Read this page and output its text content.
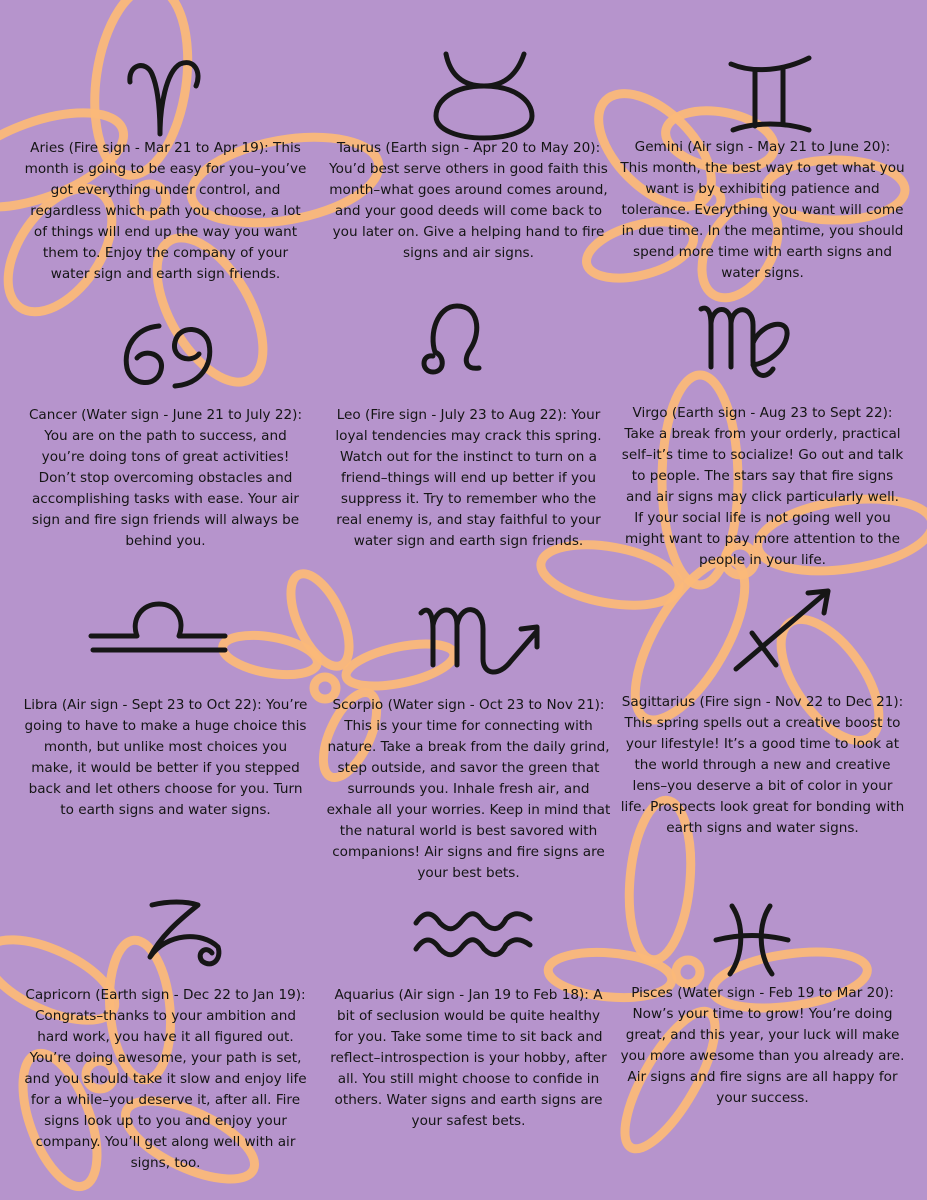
Aries (Fire sign - Mar 21 to Apr 19): This month is going to be easy for you–you’ve got everything under control, and regardless which path you choose, a lot of things will end up the way you want them to. Enjoy the company of your water sign and earth sign friends.
Taurus (Earth sign - Apr 20 to May 20): You’d best serve others in good faith this month–what goes around comes around, and your good deeds will come back to you later on. Give a helping hand to fire signs and air signs.
Gemini (Air sign - May 21 to June 20): This month, the best way to get what you want is by exhibiting patience and tolerance. Everything you want will come in due time. In the meantime, you should spend more time with earth signs and water signs.
Cancer (Water sign - June 21 to July 22): You are on the path to success, and you’re doing tons of great activities! Don’t stop overcoming obstacles and accomplishing tasks with ease. Your air sign and fire sign friends will always be behind you.
Leo (Fire sign - July 23 to Aug 22): Your loyal tendencies may crack this spring. Watch out for the instinct to turn on a friend–things will end up better if you suppress it. Try to remember who the real enemy is, and stay faithful to your water sign and earth sign friends.
Virgo (Earth sign - Aug 23 to Sept 22): Take a break from your orderly, practical self–it’s time to socialize! Go out and talk to people. The stars say that fire signs and air signs may click particularly well. If your social life is not going well you might want to pay more attention to the people in your life.
Libra (Air sign - Sept 23 to Oct 22): You’re going to have to make a huge choice this month, but unlike most choices you make, it would be better if you stepped back and let others choose for you. Turn to earth signs and water signs.
Scorpio (Water sign - Oct 23 to Nov 21): This is your time for connecting with nature. Take a break from the daily grind, step outside, and savor the green that surrounds you. Inhale fresh air, and exhale all your worries. Keep in mind that the natural world is best savored with companions! Air signs and fire signs are your best bets.
Sagittarius (Fire sign - Nov 22 to Dec 21): This spring spells out a creative boost to your lifestyle! It’s a good time to look at the world through a new and creative lens–you deserve a bit of color in your life. Prospects look great for bonding with earth signs and water signs.
Capricorn (Earth sign - Dec 22 to Jan 19): Congrats–thanks to your ambition and hard work, you have it all figured out. You’re doing awesome, your path is set, and you should take it slow and enjoy life for a while–you deserve it, after all. Fire signs look up to you and enjoy your company. You’ll get along well with air signs, too.
Aquarius (Air sign - Jan 19 to Feb 18): A bit of seclusion would be quite healthy for you. Take some time to sit back and reflect–introspection is your hobby, after all. You still might choose to confide in others. Water signs and earth signs are your safest bets.
Pisces (Water sign - Feb 19 to Mar 20): Now’s your time to grow! You’re doing great, and this year, your luck will make you more awesome than you already are. Air signs and fire signs are all happy for your success.
